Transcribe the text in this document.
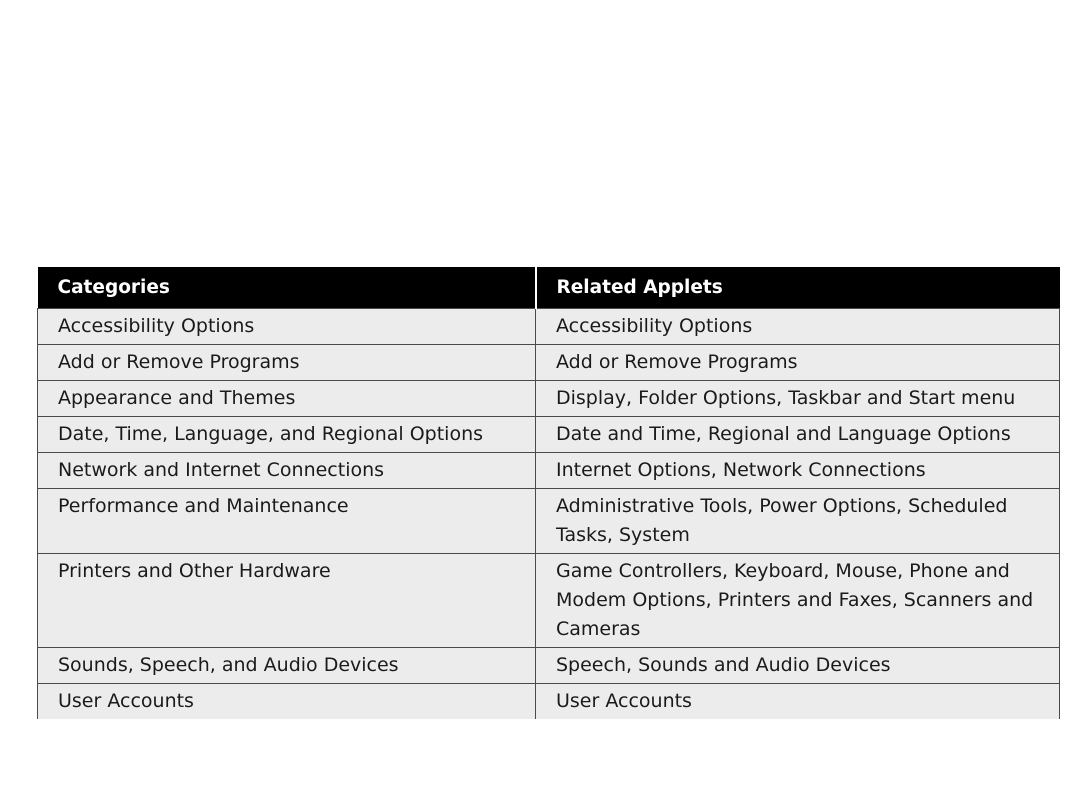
Categories	Related Applets
Accessibility Options	Accessibility Options
Add or Remove Programs	Add or Remove Programs
Appearance and Themes	Display, Folder Options, Taskbar and Start menu
Date, Time, Language, and Regional Options	Date and Time, Regional and Language Options
Network and Internet Connections	Internet Options, Network Connections
Performance and Maintenance	Administrative Tools, Power Options, Scheduled Tasks, System
Printers and Other Hardware	Game Controllers, Keyboard, Mouse, Phone and Modem Options, Printers and Faxes, Scanners and Cameras
Sounds, Speech, and Audio Devices	Speech, Sounds and Audio Devices
User Accounts	User Accounts
